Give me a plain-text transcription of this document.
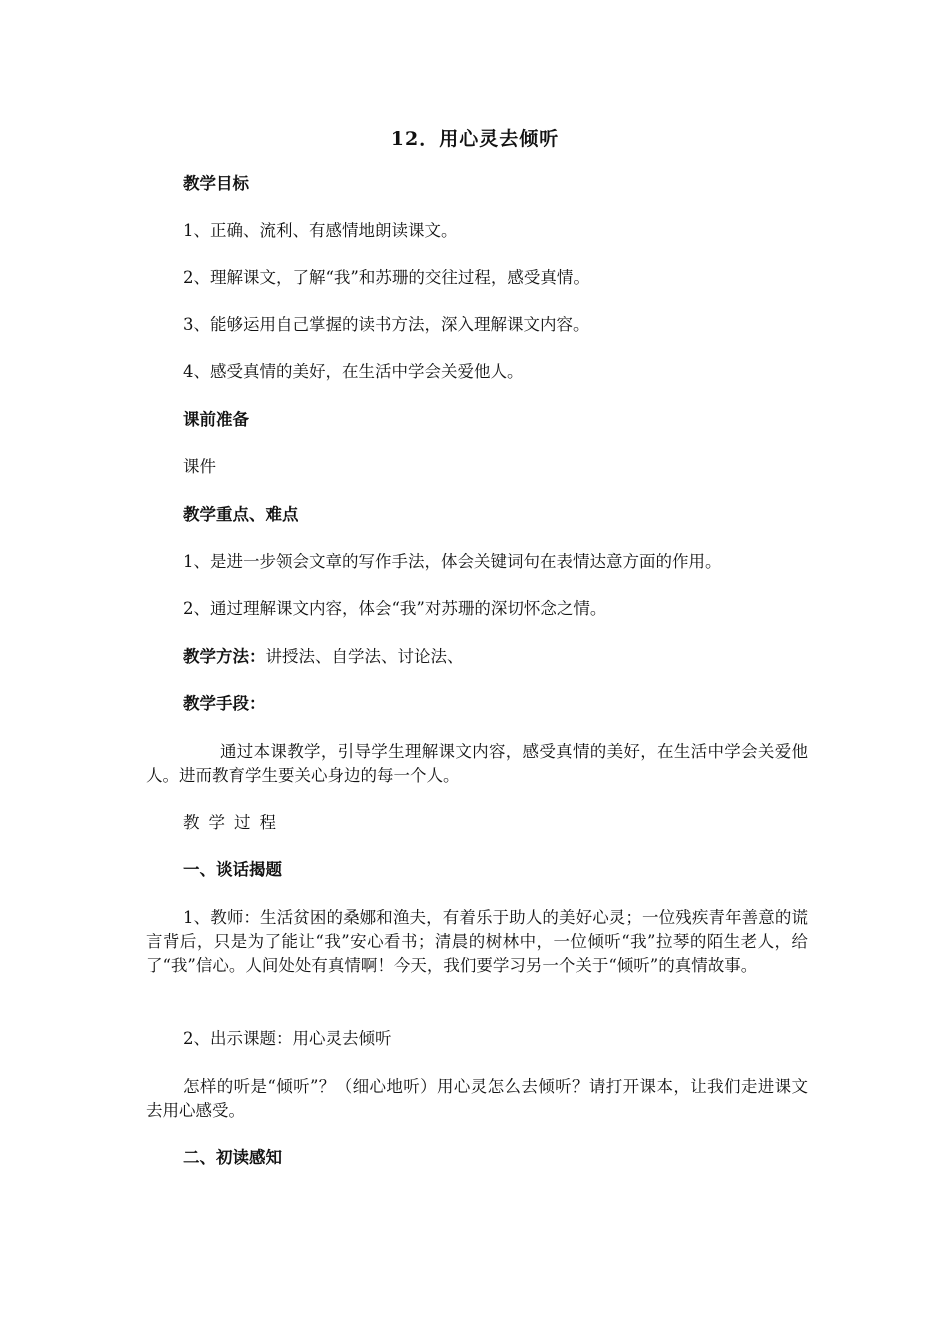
12．用心灵去倾听
教学目标
1、正确、流利、有感情地朗读课文。
2、理解课文，了解“我”和苏珊的交往过程，感受真情。
3、能够运用自己掌握的读书方法，深入理解课文内容。
4、感受真情的美好，在生活中学会关爱他人。
课前准备
课件
教学重点、难点
1、是进一步领会文章的写作手法，体会关键词句在表情达意方面的作用。
2、通过理解课文内容，体会“我”对苏珊的深切怀念之情。
教学方法：讲授法、自学法、讨论法、
教学手段：
通过本课教学，引导学生理解课文内容，感受真情的美好，在生活中学会关爱他人。进而教育学生要关心身边的每一个人。
教学过程
一、谈话揭题
1、教师：生活贫困的桑娜和渔夫，有着乐于助人的美好心灵；一位残疾青年善意的谎言背后，只是为了能让“我”安心看书；清晨的树林中，一位倾听“我”拉琴的陌生老人，给了“我”信心。人间处处有真情啊！今天，我们要学习另一个关于“倾听”的真情故事。
2、出示课题：用心灵去倾听
怎样的听是“倾听”？（细心地听）用心灵怎么去倾听？请打开课本，让我们走进课文去用心感受。
二、初读感知
